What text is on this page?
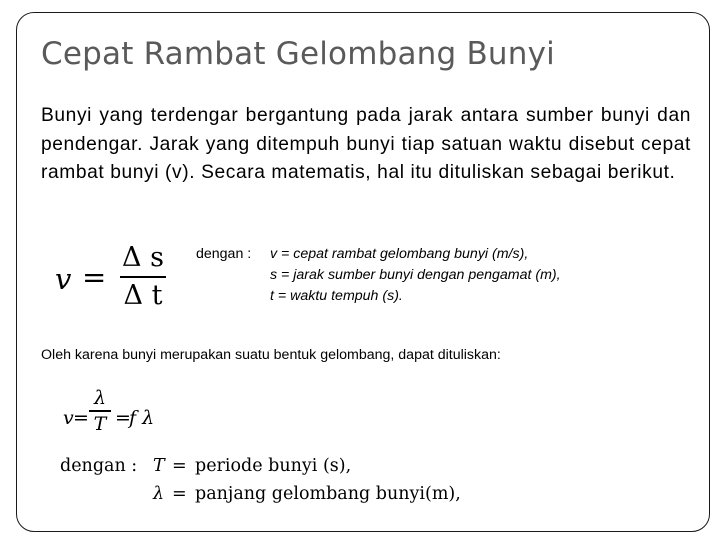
Cepat Rambat Gelombang Bunyi
Bunyi yang terdengar bergantung pada jarak antara sumber bunyi dan pendengar. Jarak yang ditempuh bunyi tiap satuan waktu disebut cepat rambat bunyi (v). Secara matematis, hal itu dituliskan sebagai berikut.
v =
Δ s
Δ t
dengan : v = cepat rambat gelombang bunyi (m/s),
s = jarak sumber bunyi dengan pengamat (m),
t = waktu tempuh (s).
Oleh karena bunyi merupakan suatu bentuk gelombang, dapat dituliskan:
v =
λ
T =
f λ
dengan : T = periode bunyi (s),
λ = panjang gelombang bunyi(m),
